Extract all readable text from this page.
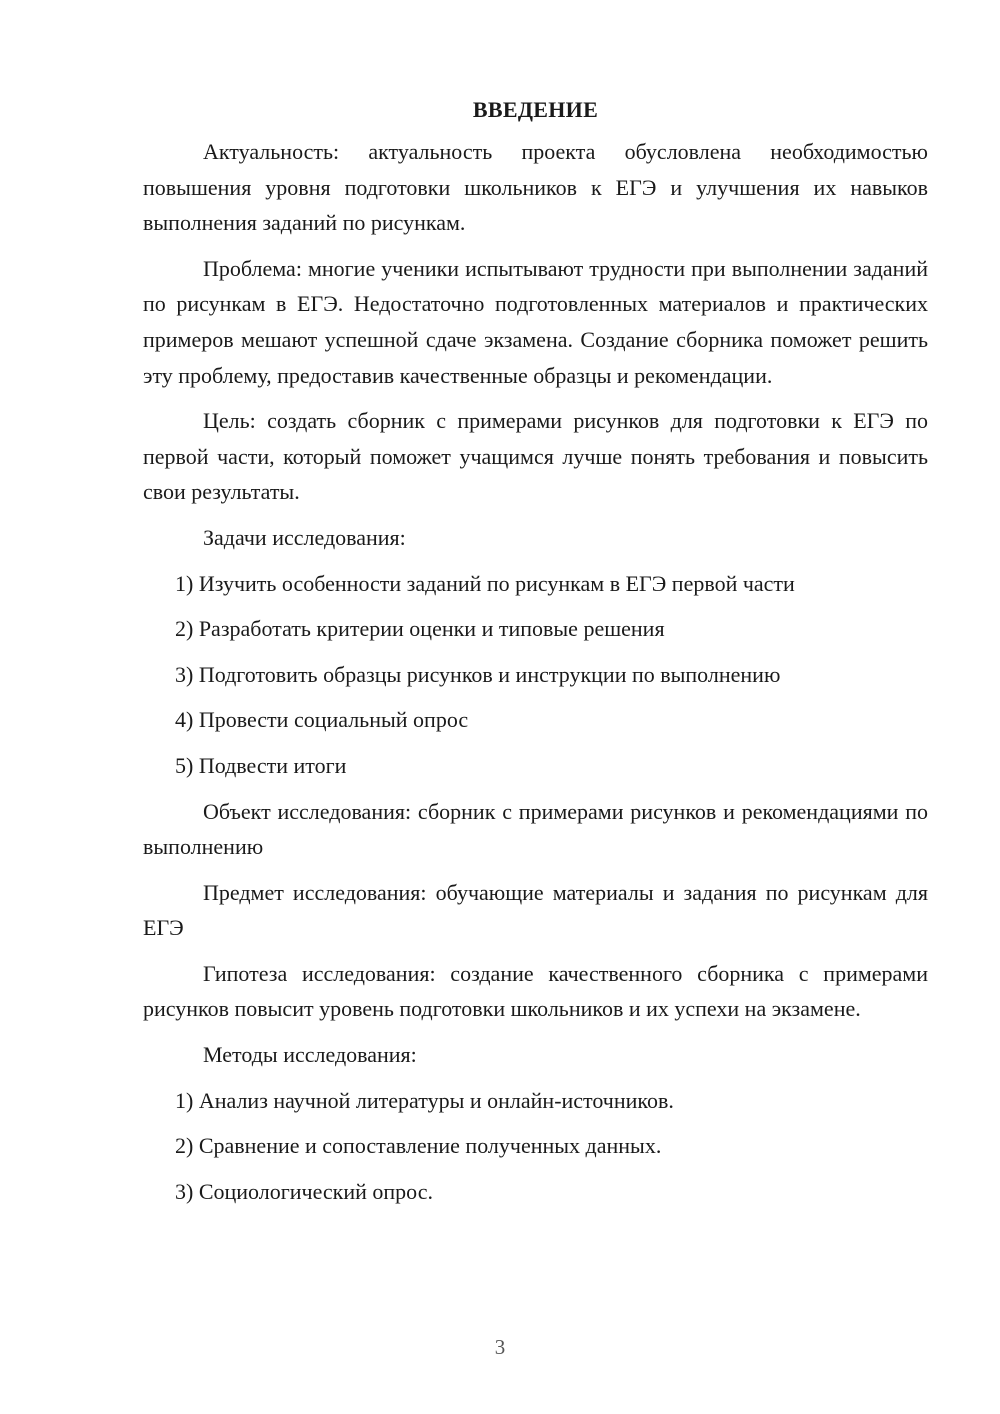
ВВЕДЕНИЕ

Актуальность: актуальность проекта обусловлена необходимостью повышения уровня подготовки школьников к ЕГЭ и улучшения их навыков выполнения заданий по рисункам.

Проблема: многие ученики испытывают трудности при выполнении заданий по рисункам в ЕГЭ. Недостаточно подготовленных материалов и практических примеров мешают успешной сдаче экзамена. Создание сборника поможет решить эту проблему, предоставив качественные образцы и рекомендации.

Цель: создать сборник с примерами рисунков для подготовки к ЕГЭ по первой части, который поможет учащимся лучше понять требования и повысить свои результаты.

Задачи исследования:

1) Изучить особенности заданий по рисункам в ЕГЭ первой части
2) Разработать критерии оценки и типовые решения
3) Подготовить образцы рисунков и инструкции по выполнению
4) Провести социальный опрос
5) Подвести итоги

Объект исследования: сборник с примерами рисунков и рекомендациями по выполнению

Предмет исследования: обучающие материалы и задания по рисункам для ЕГЭ

Гипотеза исследования: создание качественного сборника с примерами рисунков повысит уровень подготовки школьников и их успехи на экзамене.

Методы исследования:

1) Анализ научной литературы и онлайн-источников.
2) Сравнение и сопоставление полученных данных.
3) Социологический опрос.
3
